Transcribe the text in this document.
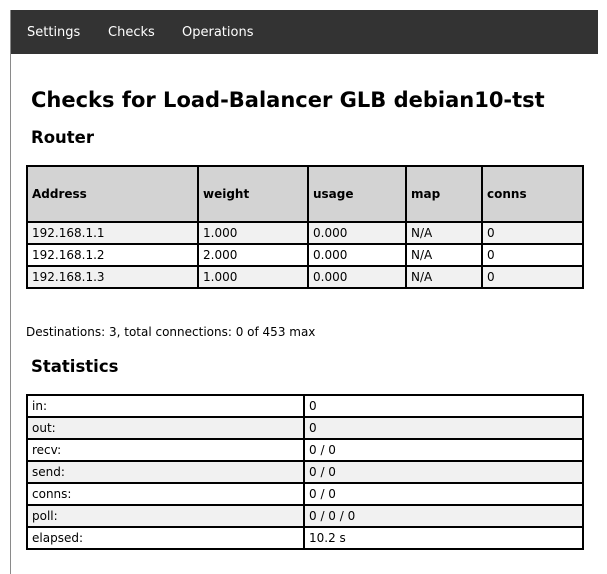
Settings Checks Operations
Checks for Load-Balancer GLB debian10-tst
Router
Address	weight	usage	map	conns
192.168.1.1	1.000	0.000	N/A	0
192.168.1.2	2.000	0.000	N/A	0
192.168.1.3	1.000	0.000	N/A	0
Destinations: 3, total connections: 0 of 453 max
Statistics
in:	0
out:	0
recv:	0 / 0
send:	0 / 0
conns:	0 / 0
poll:	0 / 0 / 0
elapsed:	10.2 s
